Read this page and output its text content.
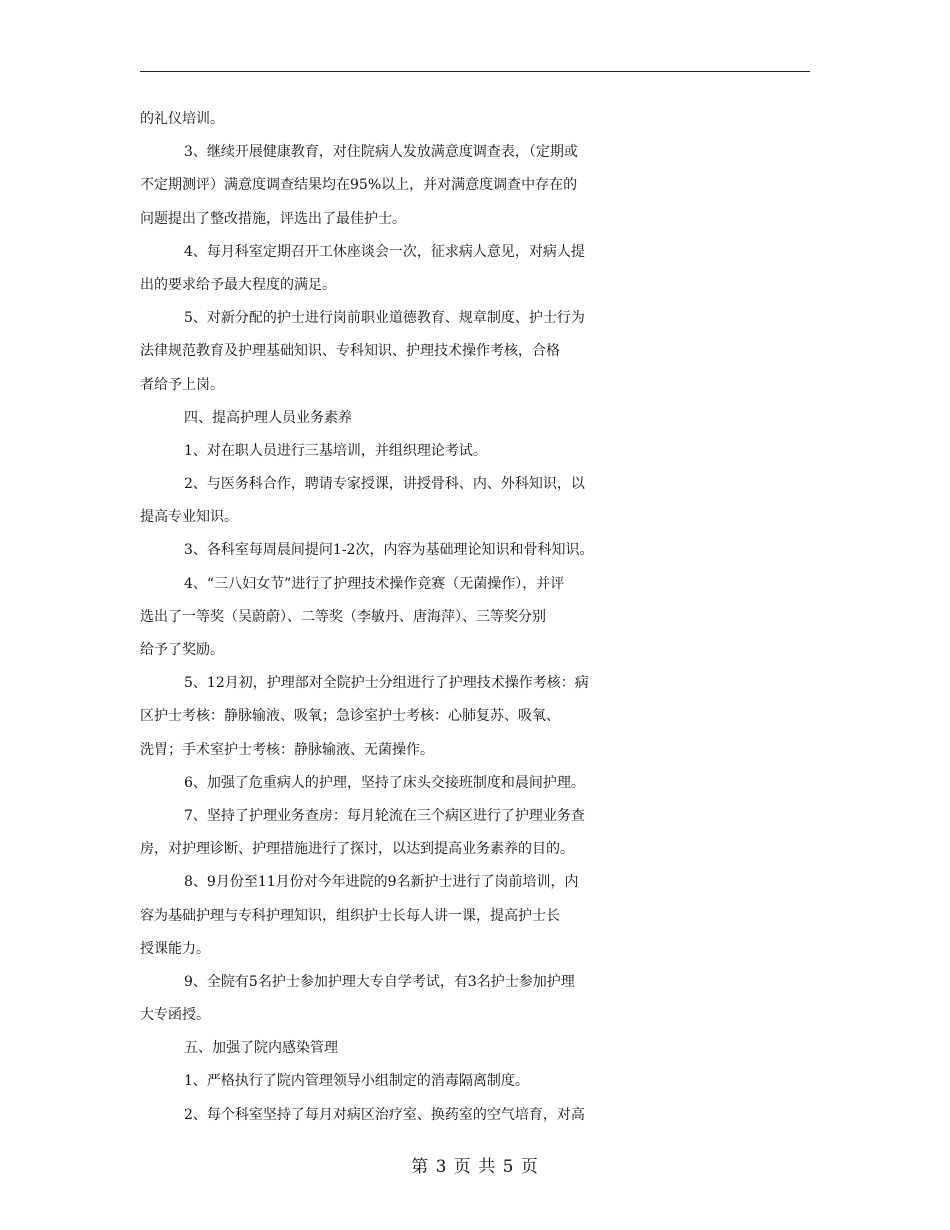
的礼仪培训。
3、继续开展健康教育，对住院病人发放满意度调查表，（定期或
不定期测评）满意度调查结果均在95%以上，并对满意度调查中存在的
问题提出了整改措施，评选出了最佳护士。
4、每月科室定期召开工休座谈会一次，征求病人意见，对病人提
出的要求给予最大程度的满足。
5、对新分配的护士进行岗前职业道德教育、规章制度、护士行为
法律规范教育及护理基础知识、专科知识、护理技术操作考核，合格
者给予上岗。
四、提高护理人员业务素养
1、对在职人员进行三基培训，并组织理论考试。
2、与医务科合作，聘请专家授课，讲授骨科、内、外科知识，以
提高专业知识。
3、各科室每周晨间提问1-2次，内容为基础理论知识和骨科知识。
4、“三八妇女节”进行了护理技术操作竞赛（无菌操作），并评
选出了一等奖（吴蔚蔚）、二等奖（李敏丹、唐海萍）、三等奖分别
给予了奖励。
5、12月初，护理部对全院护士分组进行了护理技术操作考核：病
区护士考核：静脉输液、吸氧；急诊室护士考核：心肺复苏、吸氧、
洗胃；手术室护士考核：静脉输液、无菌操作。
6、加强了危重病人的护理，坚持了床头交接班制度和晨间护理。
7、坚持了护理业务查房：每月轮流在三个病区进行了护理业务查
房，对护理诊断、护理措施进行了探讨，以达到提高业务素养的目的。
8、9月份至11月份对今年进院的9名新护士进行了岗前培训，内
容为基础护理与专科护理知识，组织护士长每人讲一课，提高护士长
授课能力。
9、全院有5名护士参加护理大专自学考试，有3名护士参加护理
大专函授。
五、加强了院内感染管理
1、严格执行了院内管理领导小组制定的消毒隔离制度。
2、每个科室坚持了每月对病区治疗室、换药室的空气培育，对高
第 3 页 共 5 页
